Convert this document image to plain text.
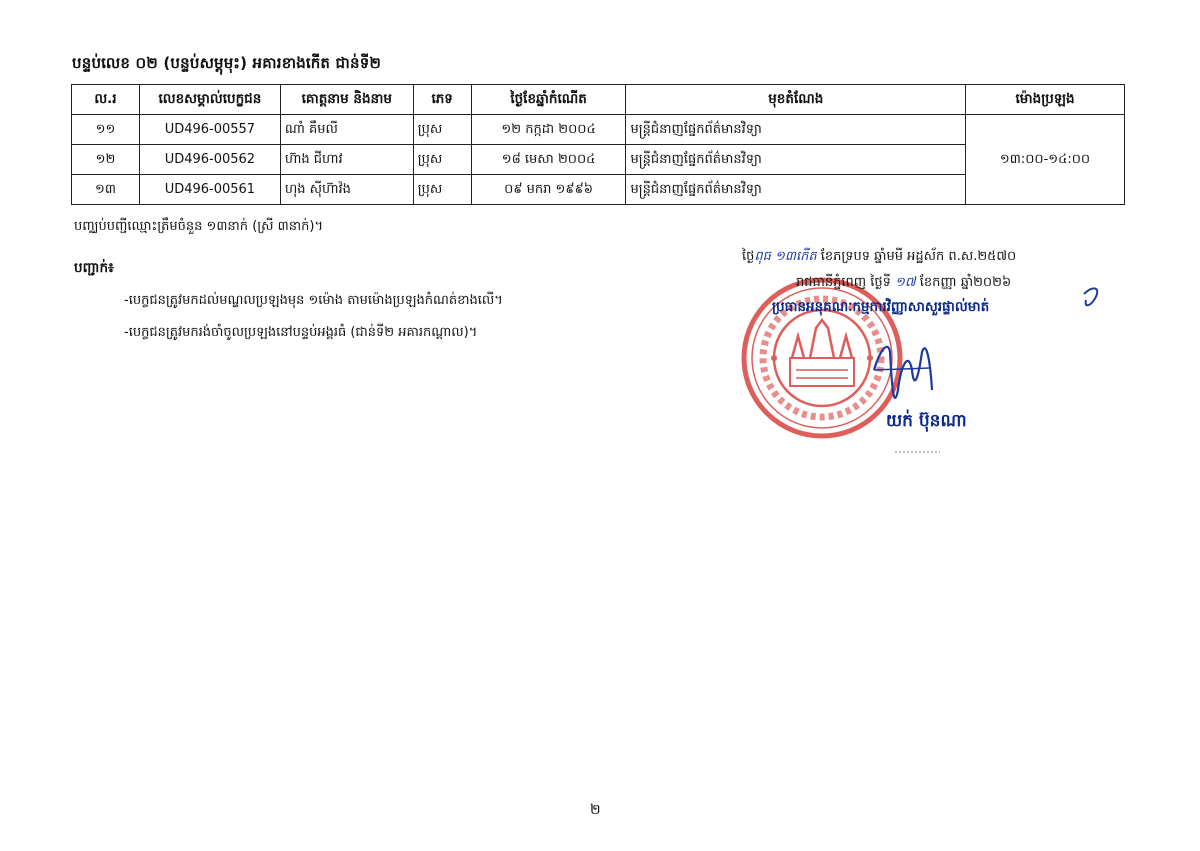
បន្ទប់លេខ ០២ (បន្ទប់សម្តុមុះ) អគារខាងកើត ជាន់ទី២
ល.រ	លេខសម្គាល់បេក្ខជន	គោត្តនាម និងនាម	ភេទ	ថ្ងៃខែឆ្នាំកំណើត	មុខតំណែង	ម៉ោងប្រឡង
១១	UD496-00557	ណាំ គឹមលី	ប្រុស	១២ កក្កដា ២០០៤	មន្ត្រីជំនាញផ្នែកព័ត៌មានវិទ្យា	១៣:០០-១៤:០០
១២	UD496-00562	ហ៊ាង ជីហាវ	ប្រុស	១៨ មេសា ២០០៤	មន្ត្រីជំនាញផ្នែកព័ត៌មានវិទ្យា	
១៣	UD496-00561	ហុង ស៊ីហ៊ាវ៉ង	ប្រុស	០៩ មករា ១៩៩៦	មន្ត្រីជំនាញផ្នែកព័ត៌មានវិទ្យា	
បញ្ឈប់បញ្ជីឈ្មោះត្រឹមចំនួន ១៣នាក់ (ស្រី ៣នាក់)។
បញ្ជាក់៖
-បេក្ខជនត្រូវមកដល់មណ្ឌលប្រឡងមុន ១ម៉ោង តាមម៉ោងប្រឡងកំណត់ខាងលើ។
-បេក្ខជនត្រូវមករង់ចាំចូលប្រឡងនៅបន្ទប់អង្គរធំ (ជាន់ទី២ អគារកណ្តាល)។
ថ្ងៃពុធ ១៣កើត ខែភទ្របទ ឆ្នាំមមី អដ្ឋស័ក ព.ស.២៥៧០
រាជធានីភ្នំពេញ ថ្ងៃទី ១៧ ខែកញ្ញា ឆ្នាំ២០២៦
ប្រធានអនុគណៈកម្មការវិញ្ញាសាសួរផ្ទាល់មាត់
យក់ ប៊ុនណា
២
